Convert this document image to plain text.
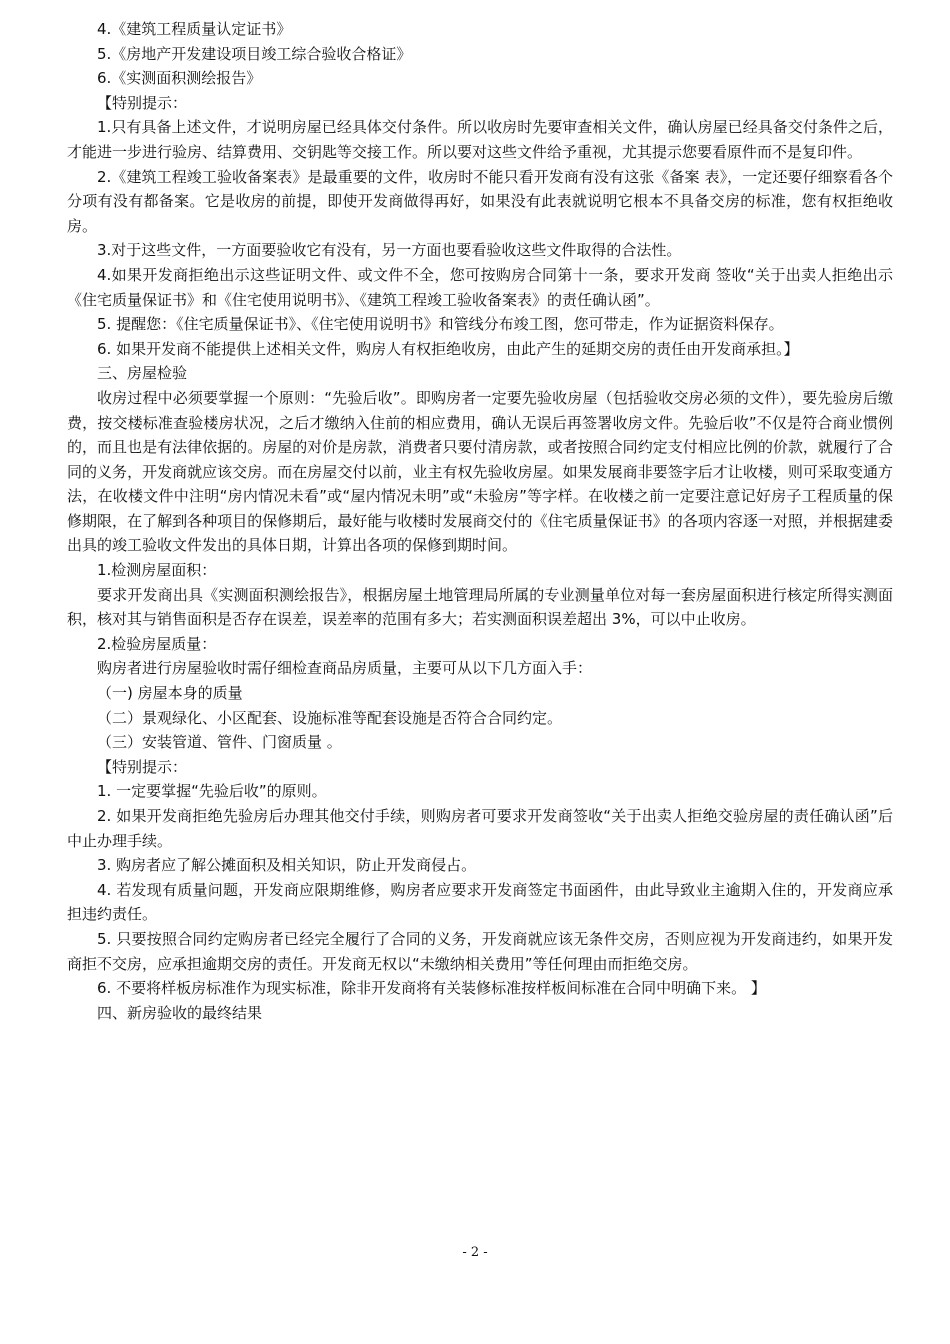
4.《建筑工程质量认定证书》

5.《房地产开发建设项目竣工综合验收合格证》

6.《实测面积测绘报告》

【特别提示：

1.只有具备上述文件，才说明房屋已经具体交付条件。所以收房时先要审查相关文件，确认房屋已经具备交付条件之后，才能进一步进行验房、结算费用、交钥匙等交接工作。所以要对这些文件给予重视，尤其提示您要看原件而不是复印件。

2.《建筑工程竣工验收备案表》是最重要的文件，收房时不能只看开发商有没有这张《备案 表》，一定还要仔细察看各个分项有没有都备案。它是收房的前提，即使开发商做得再好，如果没有此表就说明它根本不具备交房的标准，您有权拒绝收房。

3.对于这些文件，一方面要验收它有没有，另一方面也要看验收这些文件取得的合法性。

4.如果开发商拒绝出示这些证明文件、或文件不全，您可按购房合同第十一条，要求开发商 签收“关于出卖人拒绝出示《住宅质量保证书》和《住宅使用说明书》、《建筑工程竣工验收备案表》的责任确认函”。

5. 提醒您：《住宅质量保证书》、《住宅使用说明书》和管线分布竣工图，您可带走，作为证据资料保存。

6. 如果开发商不能提供上述相关文件，购房人有权拒绝收房，由此产生的延期交房的责任由开发商承担。】

三、房屋检验

收房过程中必须要掌握一个原则：“先验后收”。即购房者一定要先验收房屋（包括验收交房必须的文件），要先验房后缴费，按交楼标准查验楼房状况，之后才缴纳入住前的相应费用，确认无误后再签署收房文件。先验后收”不仅是符合商业惯例的，而且也是有法律依据的。房屋的对价是房款，消费者只要付清房款，或者按照合同约定支付相应比例的价款，就履行了合同的义务，开发商就应该交房。而在房屋交付以前，业主有权先验收房屋。如果发展商非要签字后才让收楼，则可采取变通方法，在收楼文件中注明“房内情况未看”或“屋内情况未明”或“未验房”等字样。在收楼之前一定要注意记好房子工程质量的保修期限，在了解到各种项目的保修期后，最好能与收楼时发展商交付的《住宅质量保证书》的各项内容逐一对照，并根据建委出具的竣工验收文件发出的具体日期，计算出各项的保修到期时间。

1.检测房屋面积：

要求开发商出具《实测面积测绘报告》，根据房屋土地管理局所属的专业测量单位对每一套房屋面积进行核定所得实测面积，核对其与销售面积是否存在误差，误差率的范围有多大；若实测面积误差超出 3%，可以中止收房。

2.检验房屋质量：

购房者进行房屋验收时需仔细检查商品房质量，主要可从以下几方面入手：

（一) 房屋本身的质量

（二）景观绿化、小区配套、设施标准等配套设施是否符合合同约定。

（三）安装管道、管件、门窗质量 。

【特别提示：

1. 一定要掌握“先验后收”的原则。

2. 如果开发商拒绝先验房后办理其他交付手续，则购房者可要求开发商签收“关于出卖人拒绝交验房屋的责任确认函”后中止办理手续。

3. 购房者应了解公摊面积及相关知识，防止开发商侵占。

4. 若发现有质量问题，开发商应限期维修，购房者应要求开发商签定书面函件，由此导致业主逾期入住的，开发商应承担违约责任。

5. 只要按照合同约定购房者已经完全履行了合同的义务，开发商就应该无条件交房，否则应视为开发商违约，如果开发商拒不交房，应承担逾期交房的责任。开发商无权以“未缴纳相关费用”等任何理由而拒绝交房。

6. 不要将样板房标准作为现实标准，除非开发商将有关装修标准按样板间标准在合同中明确下来。 】

四、新房验收的最终结果

- 2 -
